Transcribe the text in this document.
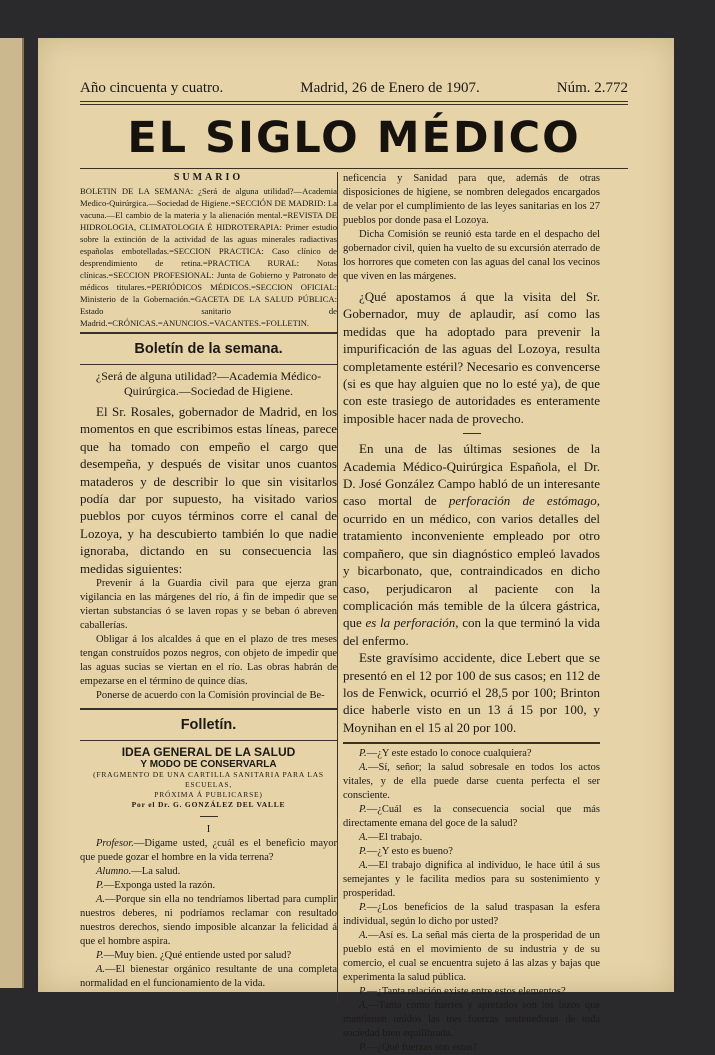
Año cincuenta y cuatro.	Madrid, 26 de Enero de 1907.	Núm. 2.772
EL SIGLO MÉDICO

SUMARIO

BOLETIN DE LA SEMANA: ¿Será de alguna utilidad?—Academia Medico-Quirúrgica.—Sociedad de Higiene.=SECCIÓN DE MADRID: La vacuna.—El cambio de la materia y la alienación mental.=REVISTA DE HIDROLOGIA, CLIMATOLOGIA É HIDROTERAPIA: Primer estudio sobre la extinción de la actividad de las aguas minerales radiactivas españolas embotelladas.=SECCION PRACTICA: Caso clínico de desprendimiento de retina.=PRACTICA RURAL: Notas clínicas.=SECCION PROFESIONAL: Junta de Gobierno y Patronato de médicos titulares.=PERIÓDICOS MÉDICOS.=SECCION OFICIAL: Ministerio de la Gobernación.=GACETA DE LA SALUD PÚBLICA: Estado sanitario de Madrid.=CRÓNICAS.=ANUNCIOS.=VACANTES.=FOLLETIN.

Boletín de la semana.

¿Será de alguna utilidad?—Academia Médico-Quirúrgica.—Sociedad de Higiene.

El Sr. Rosales, gobernador de Madrid, en los momentos en que escribimos estas líneas, parece que ha tomado con empeño el cargo que desempeña, y después de visitar unos cuantos mataderos y de describir lo que sin visitarlos podía dar por supuesto, ha visitado varios pueblos por cuyos términos corre el canal de Lozoya, y ha descubierto también lo que nadie ignoraba, dictando en su consecuencia las medidas siguientes:

Prevenir á la Guardia civil para que ejerza gran vigilancia en las márgenes del río, á fin de impedir que se viertan substancias ó se laven ropas y se beban ó abreven caballerías.

Obligar á los alcaldes á que en el plazo de tres meses tengan construídos pozos negros, con objeto de impedir que las aguas sucias se viertan en el río. Las obras habrán de empezarse en el término de quince días.

Ponerse de acuerdo con la Comisión provincial de Be-

Folletín.

IDEA GENERAL DE LA SALUD

Y MODO DE CONSERVARLA

(FRAGMENTO DE UNA CARTILLA SANITARIA PARA LAS ESCUELAS,

PRÓXIMA Á PUBLICARSE)

Por el Dr. G. GONZÁLEZ DEL VALLE

I

Profesor.—Digame usted, ¿cuál es el beneficio mayor que puede gozar el hombre en la vida terrena?

Alumno.—La salud.

P.—Exponga usted la razón.

A.—Porque sin ella no tendríamos libertad para cumplir nuestros deberes, ni podríamos reclamar con resultado nuestros derechos, siendo imposible alcanzar la felicidad á que el hombre aspira.

P.—Muy bien. ¿Qué entiende usted por salud?

A.—El bienestar orgánico resultante de una completa normalidad en el funcionamiento de la vida.

neficencia y Sanidad para que, además de otras disposiciones de higiene, se nombren delegados encargados de velar por el cumplimiento de las leyes sanitarias en los 27 pueblos por donde pasa el Lozoya.

Dicha Comisión se reunió esta tarde en el despacho del gobernador civil, quien ha vuelto de su excursión aterrado de los horrores que cometen con las aguas del canal los vecinos que viven en las márgenes.

¿Qué apostamos á que la visita del Sr. Gobernador, muy de aplaudir, así como las medidas que ha adoptado para prevenir la impurificación de las aguas del Lozoya, resulta completamente estéril? Necesario es convencerse (si es que hay alguien que no lo esté ya), de que con este trasiego de autoridades es enteramente imposible hacer nada de provecho.

En una de las últimas sesiones de la Academia Médico-Quirúrgica Española, el Dr. D. José González Campo habló de un interesante caso mortal de perforación de estómago, ocurrido en un médico, con varios detalles del tratamiento inconveniente empleado por otro compañero, que sin diagnóstico empleó lavados y bicarbonato, que, contraindicados en dicho caso, perjudicaron al paciente con la complicación más temible de la úlcera gástrica, que es la perforación, con la que terminó la vida del enfermo.

Este gravísimo accidente, dice Lebert que se presentó en el 12 por 100 de sus casos; en 112 de los de Fenwick, ocurrió el 28,5 por 100; Brinton dice haberle visto en un 13 á 15 por 100, y Moynihan en el 15 al 20 por 100.

P.—¿Y este estado lo conoce cualquiera?

A.—Sí, señor; la salud sobresale en todos los actos vitales, y de ella puede darse cuenta perfecta el ser consciente.

P.—¿Cuál es la consecuencia social que más directamente emana del goce de la salud?

A.—El trabajo.

P.—¿Y esto es bueno?

A.—El trabajo dignifica al individuo, le hace útil á sus semejantes y le facilita medios para su sostenimiento y prosperidad.

P.—¿Los beneficios de la salud traspasan la esfera individual, según lo dicho por usted?

A.—Así es. La señal más cierta de la prosperidad de un pueblo está en el movimiento de su industria y de su comercio, el cual se encuentra sujeto á las alzas y bajas que experimenta la salud pública.

P.—¿Tanta relación existe entre estos elementos?

A.—Tanta como fuertes y apretados son los lazos que mantienen unidos las tres fuerzas sostenedoras de toda sociedad bien equilibrada.

P.—¿Qué fuerzas son estas?
